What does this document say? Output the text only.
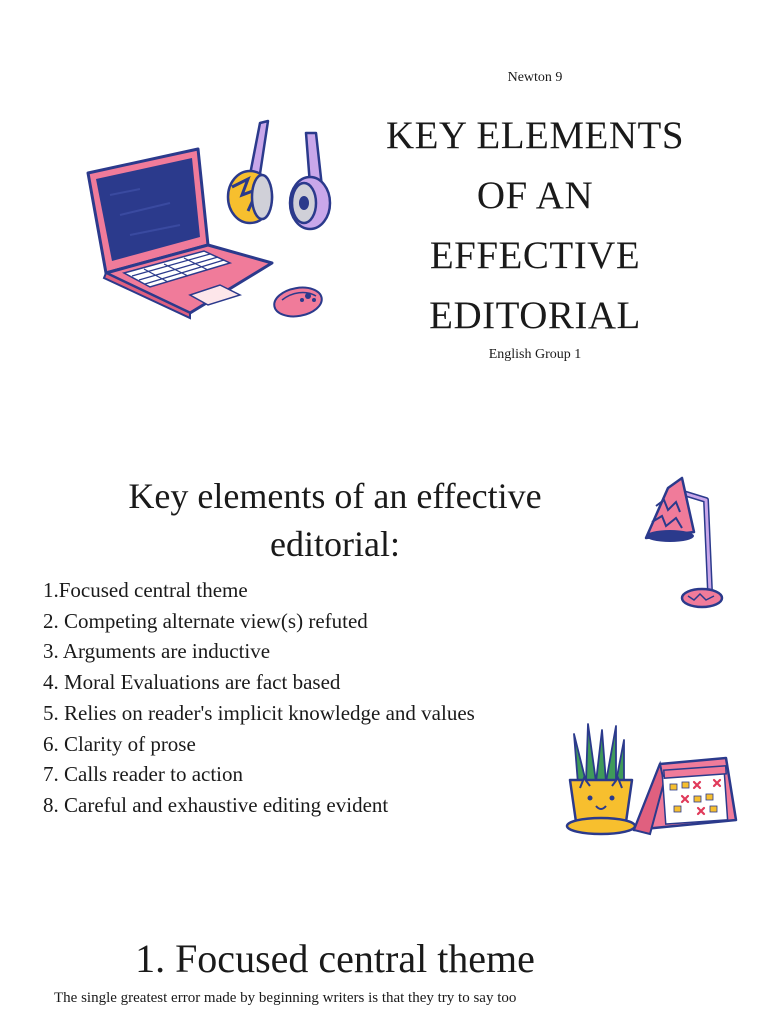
Newton 9
KEY ELEMENTS
OF AN
EFFECTIVE
EDITORIAL
English Group 1
Key elements of an effective
editorial:
1.Focused central theme
2. Competing alternate view(s) refuted
3. Arguments are inductive
4. Moral Evaluations are fact based
5. Relies on reader's implicit knowledge and values
6. Clarity of prose
7. Calls reader to action
8. Careful and exhaustive editing evident
1. Focused central theme
The single greatest error made by beginning writers is that they try to say too
